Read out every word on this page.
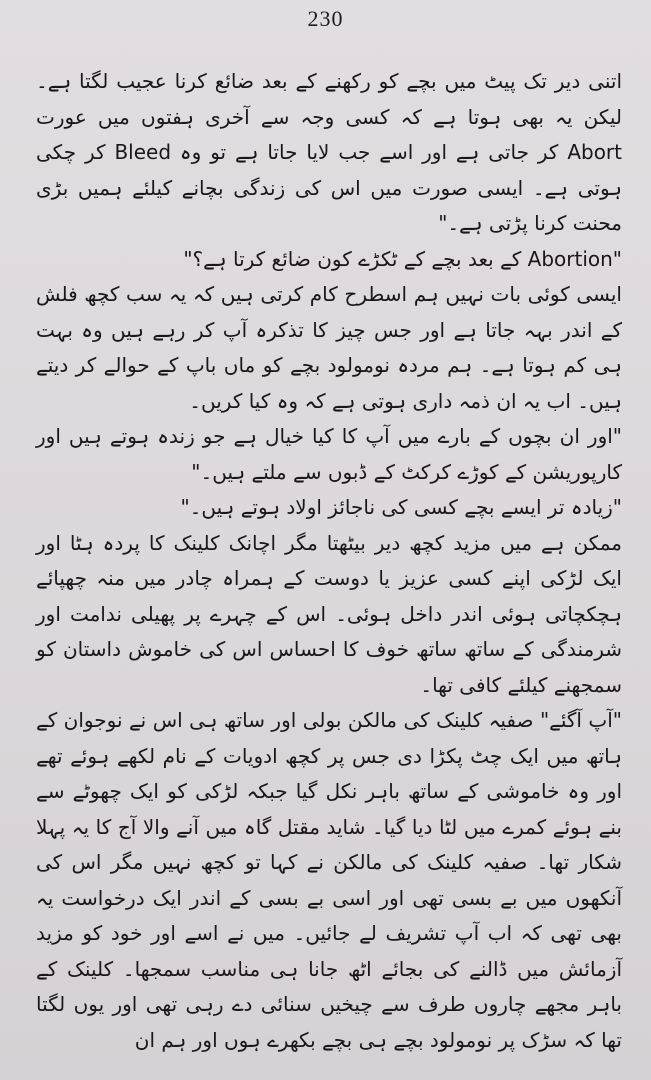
230

اتنی دیر تک پیٹ میں بچے کو رکھنے کے بعد ضائع کرنا عجیب لگتا ہے۔ لیکن یہ بھی ہوتا ہے کہ کسی وجہ سے آخری ہفتوں میں عورت Abort کر جاتی ہے اور اسے جب لایا جاتا ہے تو وہ Bleed کر چکی ہوتی ہے۔ ایسی صورت میں اس کی زندگی بچانے کیلئے ہمیں بڑی محنت کرنا پڑتی ہے۔"

"Abortion کے بعد بچے کے ٹکڑے کون ضائع کرتا ہے؟"

ایسی کوئی بات نہیں ہم اسطرح کام کرتی ہیں کہ یہ سب کچھ فلش کے اندر بہہ جاتا ہے اور جس چیز کا تذکرہ آپ کر رہے ہیں وہ بہت ہی کم ہوتا ہے۔ ہم مردہ نومولود بچے کو ماں باپ کے حوالے کر دیتے ہیں۔ اب یہ ان ذمہ داری ہوتی ہے کہ وہ کیا کریں۔

"اور ان بچوں کے بارے میں آپ کا کیا خیال ہے جو زندہ ہوتے ہیں اور کارپوریشن کے کوڑے کرکٹ کے ڈبوں سے ملتے ہیں۔"

"زیادہ تر ایسے بچے کسی کی ناجائز اولاد ہوتے ہیں۔"

ممکن ہے میں مزید کچھ دیر بیٹھتا مگر اچانک کلینک کا پردہ ہٹا اور ایک لڑکی اپنے کسی عزیز یا دوست کے ہمراہ چادر میں منہ چھپائے ہچکچاتی ہوئی اندر داخل ہوئی۔ اس کے چہرے پر پھیلی ندامت اور شرمندگی کے ساتھ ساتھ خوف کا احساس اس کی خاموش داستان کو سمجھنے کیلئے کافی تھا۔

"آپ آگئے" صفیہ کلینک کی مالکن بولی اور ساتھ ہی اس نے نوجوان کے ہاتھ میں ایک چٹ پکڑا دی جس پر کچھ ادویات کے نام لکھے ہوئے تھے اور وہ خاموشی کے ساتھ باہر نکل گیا جبکہ لڑکی کو ایک چھوٹے سے بنے ہوئے کمرے میں لٹا دیا گیا۔ شاید مقتل گاہ میں آنے والا آج کا یہ پہلا شکار تھا۔ صفیہ کلینک کی مالکن نے کہا تو کچھ نہیں مگر اس کی آنکھوں میں بے بسی تھی اور اسی بے بسی کے اندر ایک درخواست یہ بھی تھی کہ اب آپ تشریف لے جائیں۔ میں نے اسے اور خود کو مزید آزمائش میں ڈالنے کی بجائے اٹھ جانا ہی مناسب سمجھا۔ کلینک کے باہر مجھے چاروں طرف سے چیخیں سنائی دے رہی تھی اور یوں لگتا تھا کہ سڑک پر نومولود بچے ہی بچے بکھرے ہوں اور ہم ان
